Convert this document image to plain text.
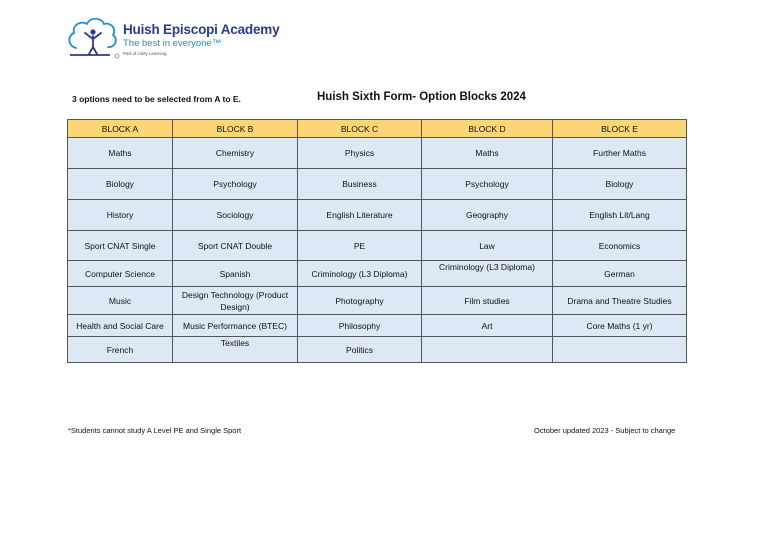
Huish Episcopi Academy
The best in everyone™
Part of Unity Learning
3 options need to be selected from A to E.	Huish Sixth Form- Option Blocks 2024
BLOCK A	BLOCK B	BLOCK C	BLOCK D	BLOCK E
Maths	Chemistry	Physics	Maths	Further Maths
Biology	Psychology	Business	Psychology	Biology
History	Sociology	English Literature	Geography	English Lit/Lang
Sport CNAT Single	Sport CNAT Double	PE	Law	Economics
Computer Science	Spanish	Criminology (L3 Diploma)	Criminology (L3 Diploma)	German
Music	Design Technology (Product Design)	Photography	Film studies	Drama and Theatre Studies
Health and Social Care	Music Performance (BTEC)	Philosophy	Art	Core Maths (1 yr)
French	Textiles	Politics		
*Students cannot study A Level PE and Single Sport	October updated 2023 - Subject to change
